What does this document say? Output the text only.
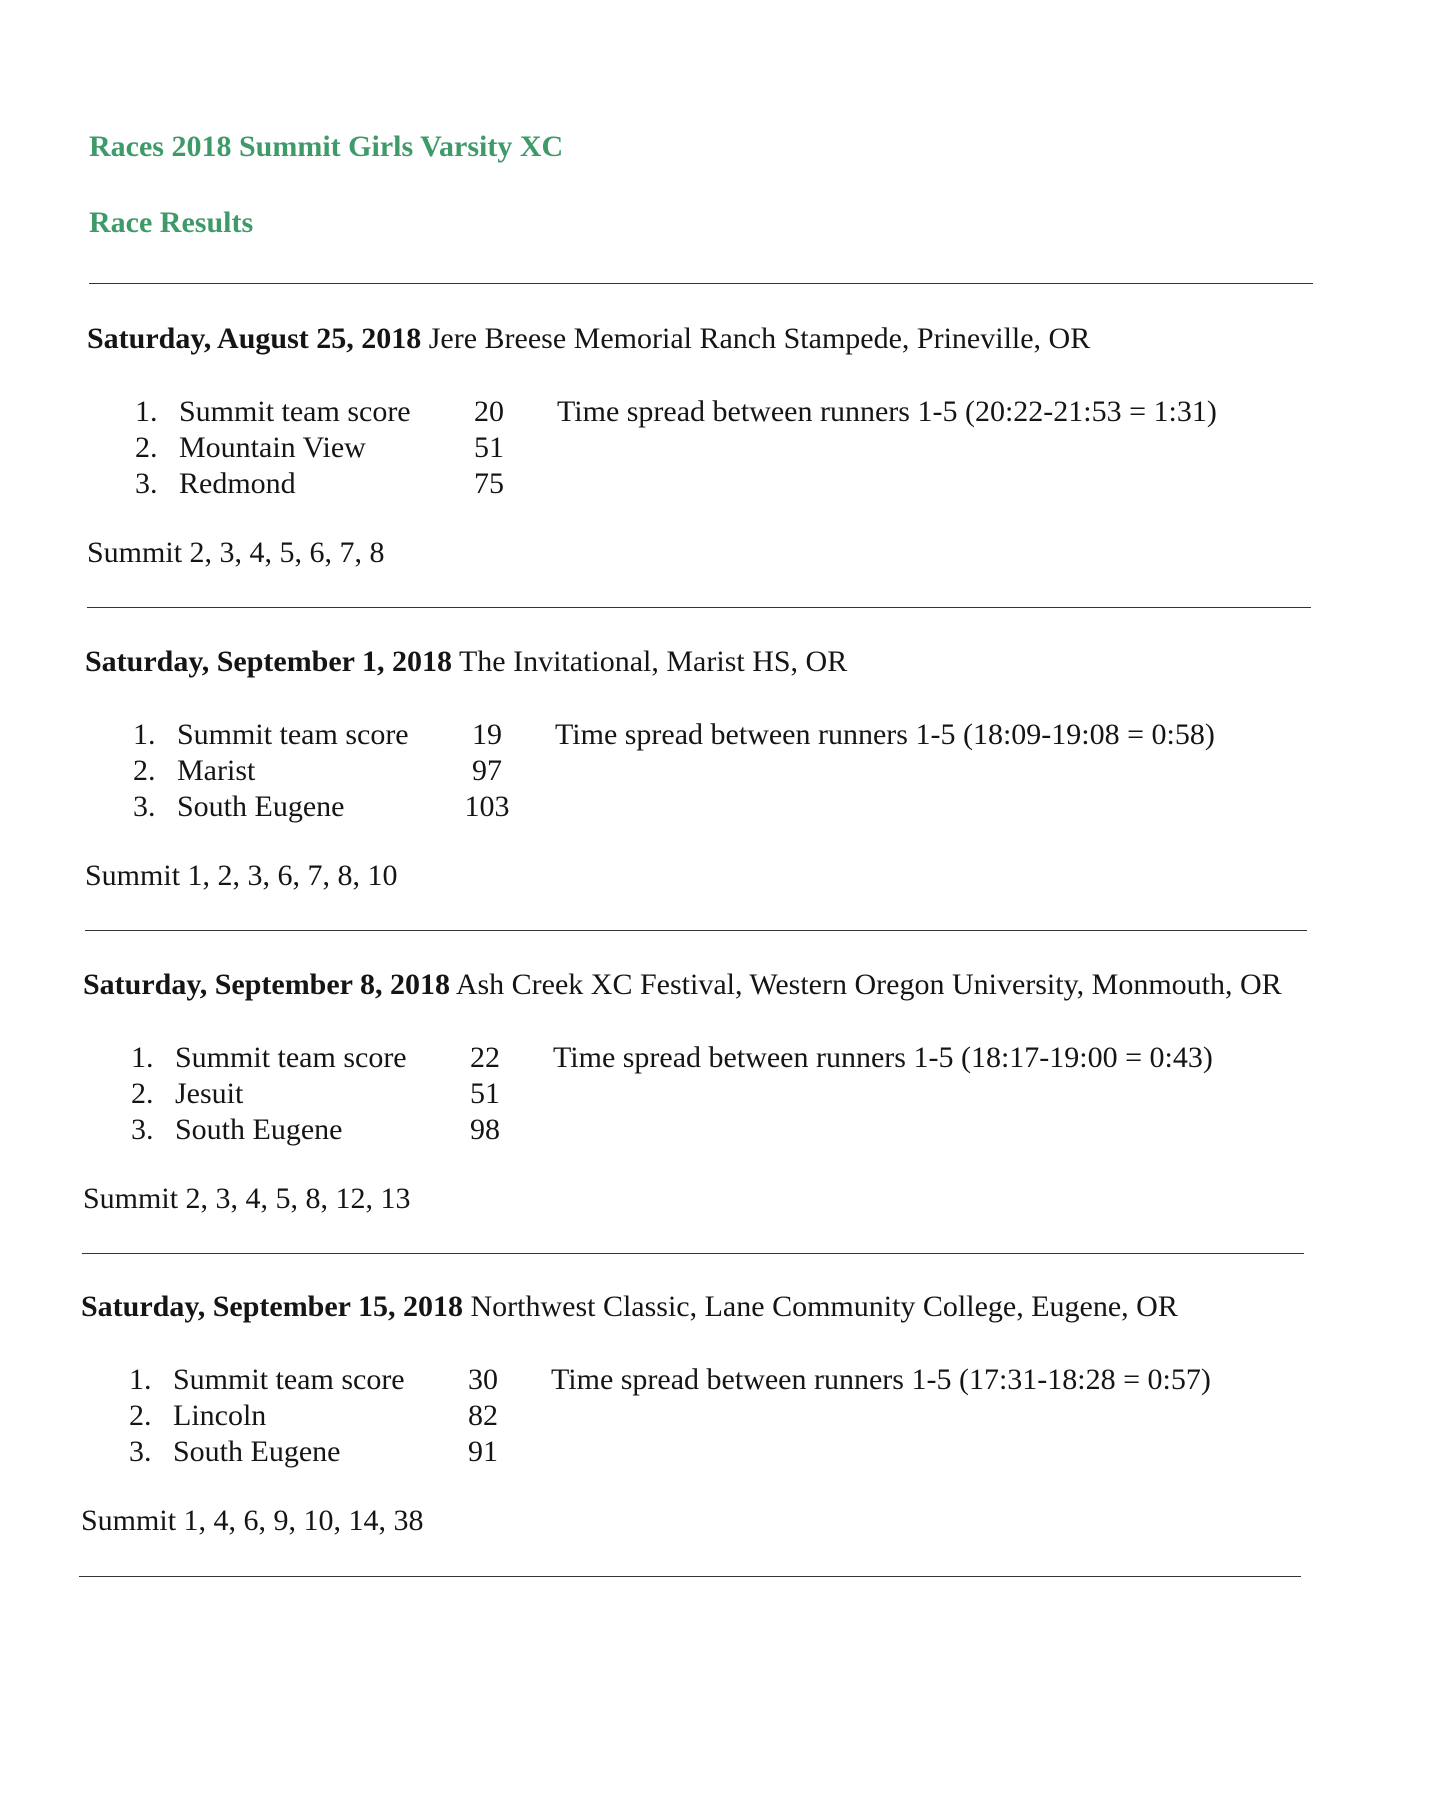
Races 2018 Summit Girls Varsity XC
Race Results

Saturday, August 25, 2018 Jere Breese Memorial Ranch Stampede, Prineville, OR

1. Summit team score	20
2. Mountain View	51
3. Redmond	75
Time spread between runners 1-5 (20:22-21:53 = 1:31)

Summit 2, 3, 4, 5, 6, 7, 8

Saturday, September 1, 2018 The Invitational, Marist HS, OR

1. Summit team score	19
2. Marist	97
3. South Eugene	103
Time spread between runners 1-5 (18:09-19:08 = 0:58)

Summit 1, 2, 3, 6, 7, 8, 10

Saturday, September 8, 2018 Ash Creek XC Festival, Western Oregon University, Monmouth, OR

1. Summit team score	22
2. Jesuit	51
3. South Eugene	98
Time spread between runners 1-5 (18:17-19:00 = 0:43)

Summit 2, 3, 4, 5, 8, 12, 13

Saturday, September 15, 2018 Northwest Classic, Lane Community College, Eugene, OR

1. Summit team score	30
2. Lincoln	82
3. South Eugene	91
Time spread between runners 1-5 (17:31-18:28 = 0:57)

Summit 1, 4, 6, 9, 10, 14, 38
